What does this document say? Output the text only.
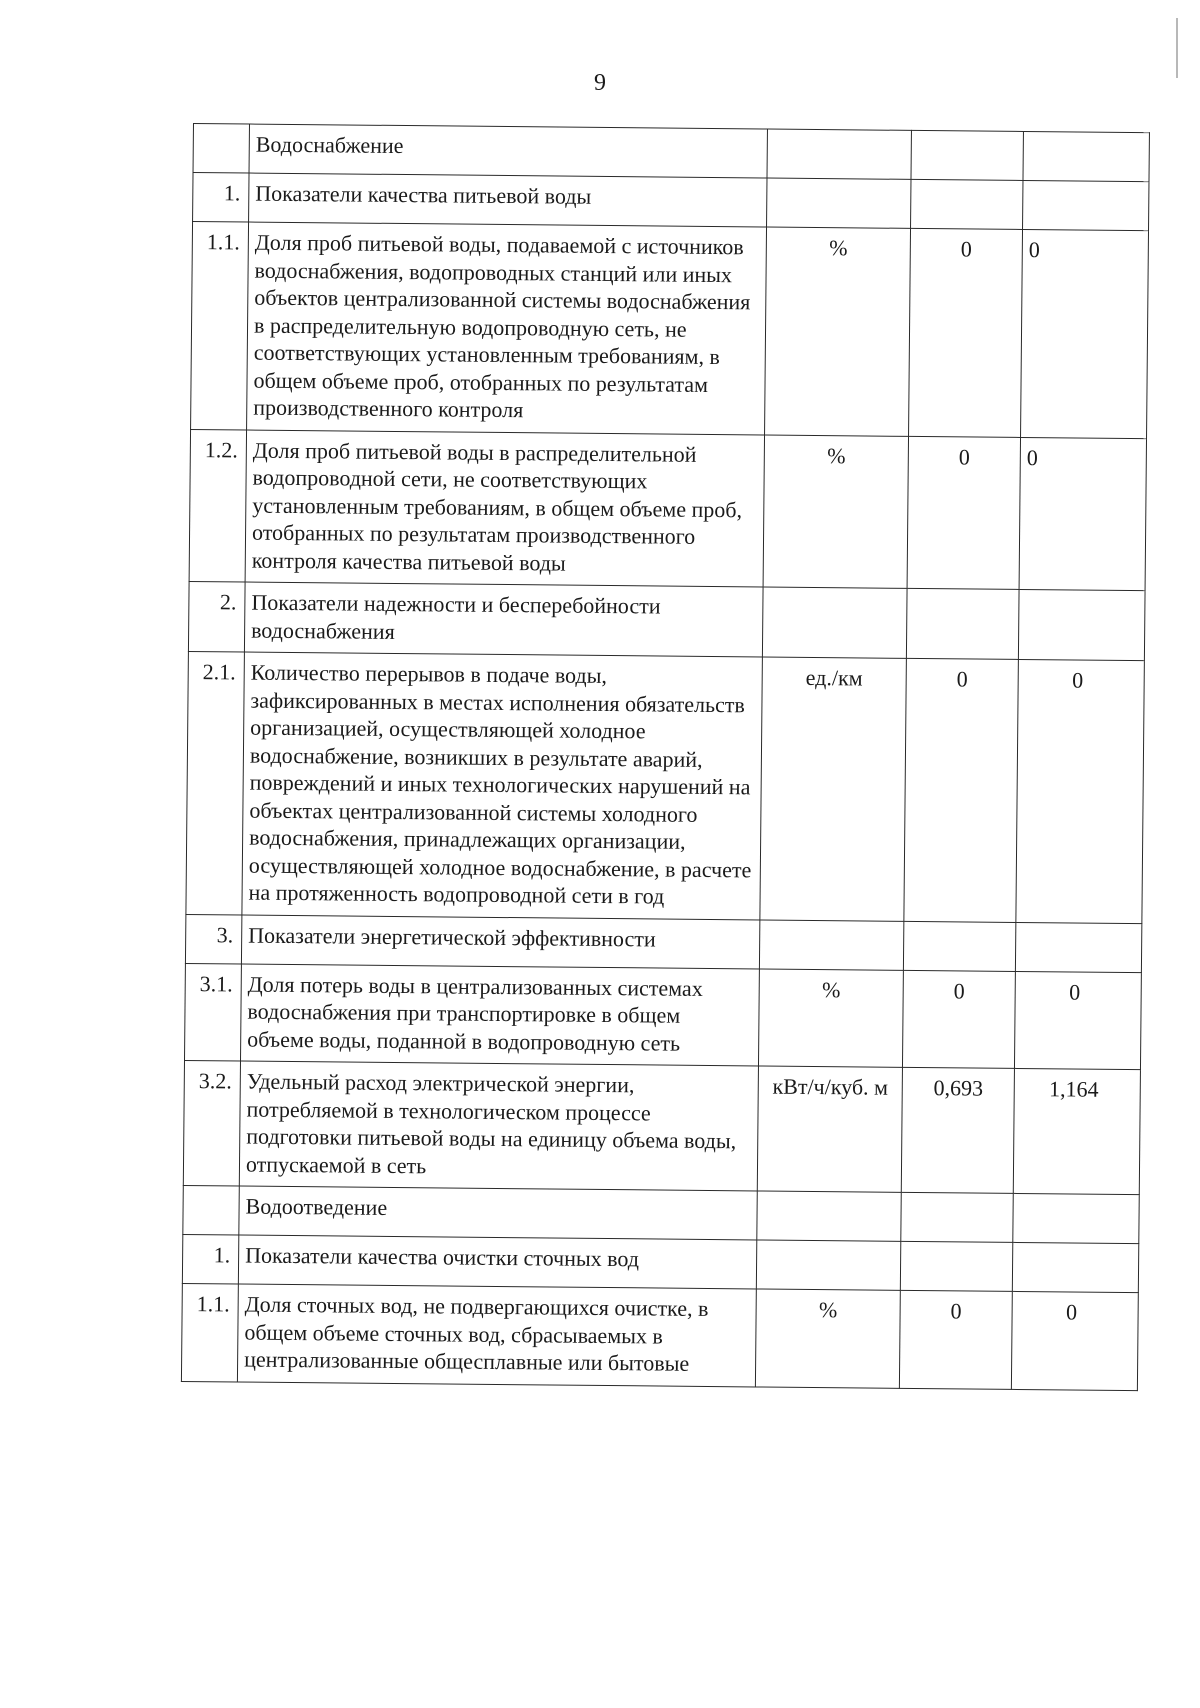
9
	Водоснабжение			
1.	Показатели качества питьевой воды			
1.1.	Доля проб питьевой воды, подаваемой с источников водоснабжения, водопроводных станций или иных объектов централизованной системы водоснабжения в распределительную водопроводную сеть, не соответствующих установленным требованиям, в общем объеме проб, отобранных по результатам производственного контроля	%	0	0
1.2.	Доля проб питьевой воды в распределительной водопроводной сети, не соответствующих установленным требованиям, в общем объеме проб, отобранных по результатам производственного контроля качества питьевой воды	%	0	0
2.	Показатели надежности и бесперебойности водоснабжения			
2.1.	Количество перерывов в подаче воды, зафиксированных в местах исполнения обязательств организацией, осуществляющей холодное водоснабжение, возникших в результате аварий, повреждений и иных технологических нарушений на объектах централизованной системы холодного водоснабжения, принадлежащих организации, осуществляющей холодное водоснабжение, в расчете на протяженность водопроводной сети в год	ед./км	0	0
3.	Показатели энергетической эффективности			
3.1.	Доля потерь воды в централизованных системах водоснабжения при транспортировке в общем объеме воды, поданной в водопроводную сеть	%	0	0
3.2.	Удельный расход электрической энергии, потребляемой в технологическом процессе подготовки питьевой воды на единицу объема воды, отпускаемой в сеть	кВт/ч/куб. м	0,693	1,164
	Водоотведение			
1.	Показатели качества очистки сточных вод			
1.1.	Доля сточных вод, не подвергающихся очистке, в общем объеме сточных вод, сбрасываемых в централизованные общесплавные или бытовые	%	0	0
